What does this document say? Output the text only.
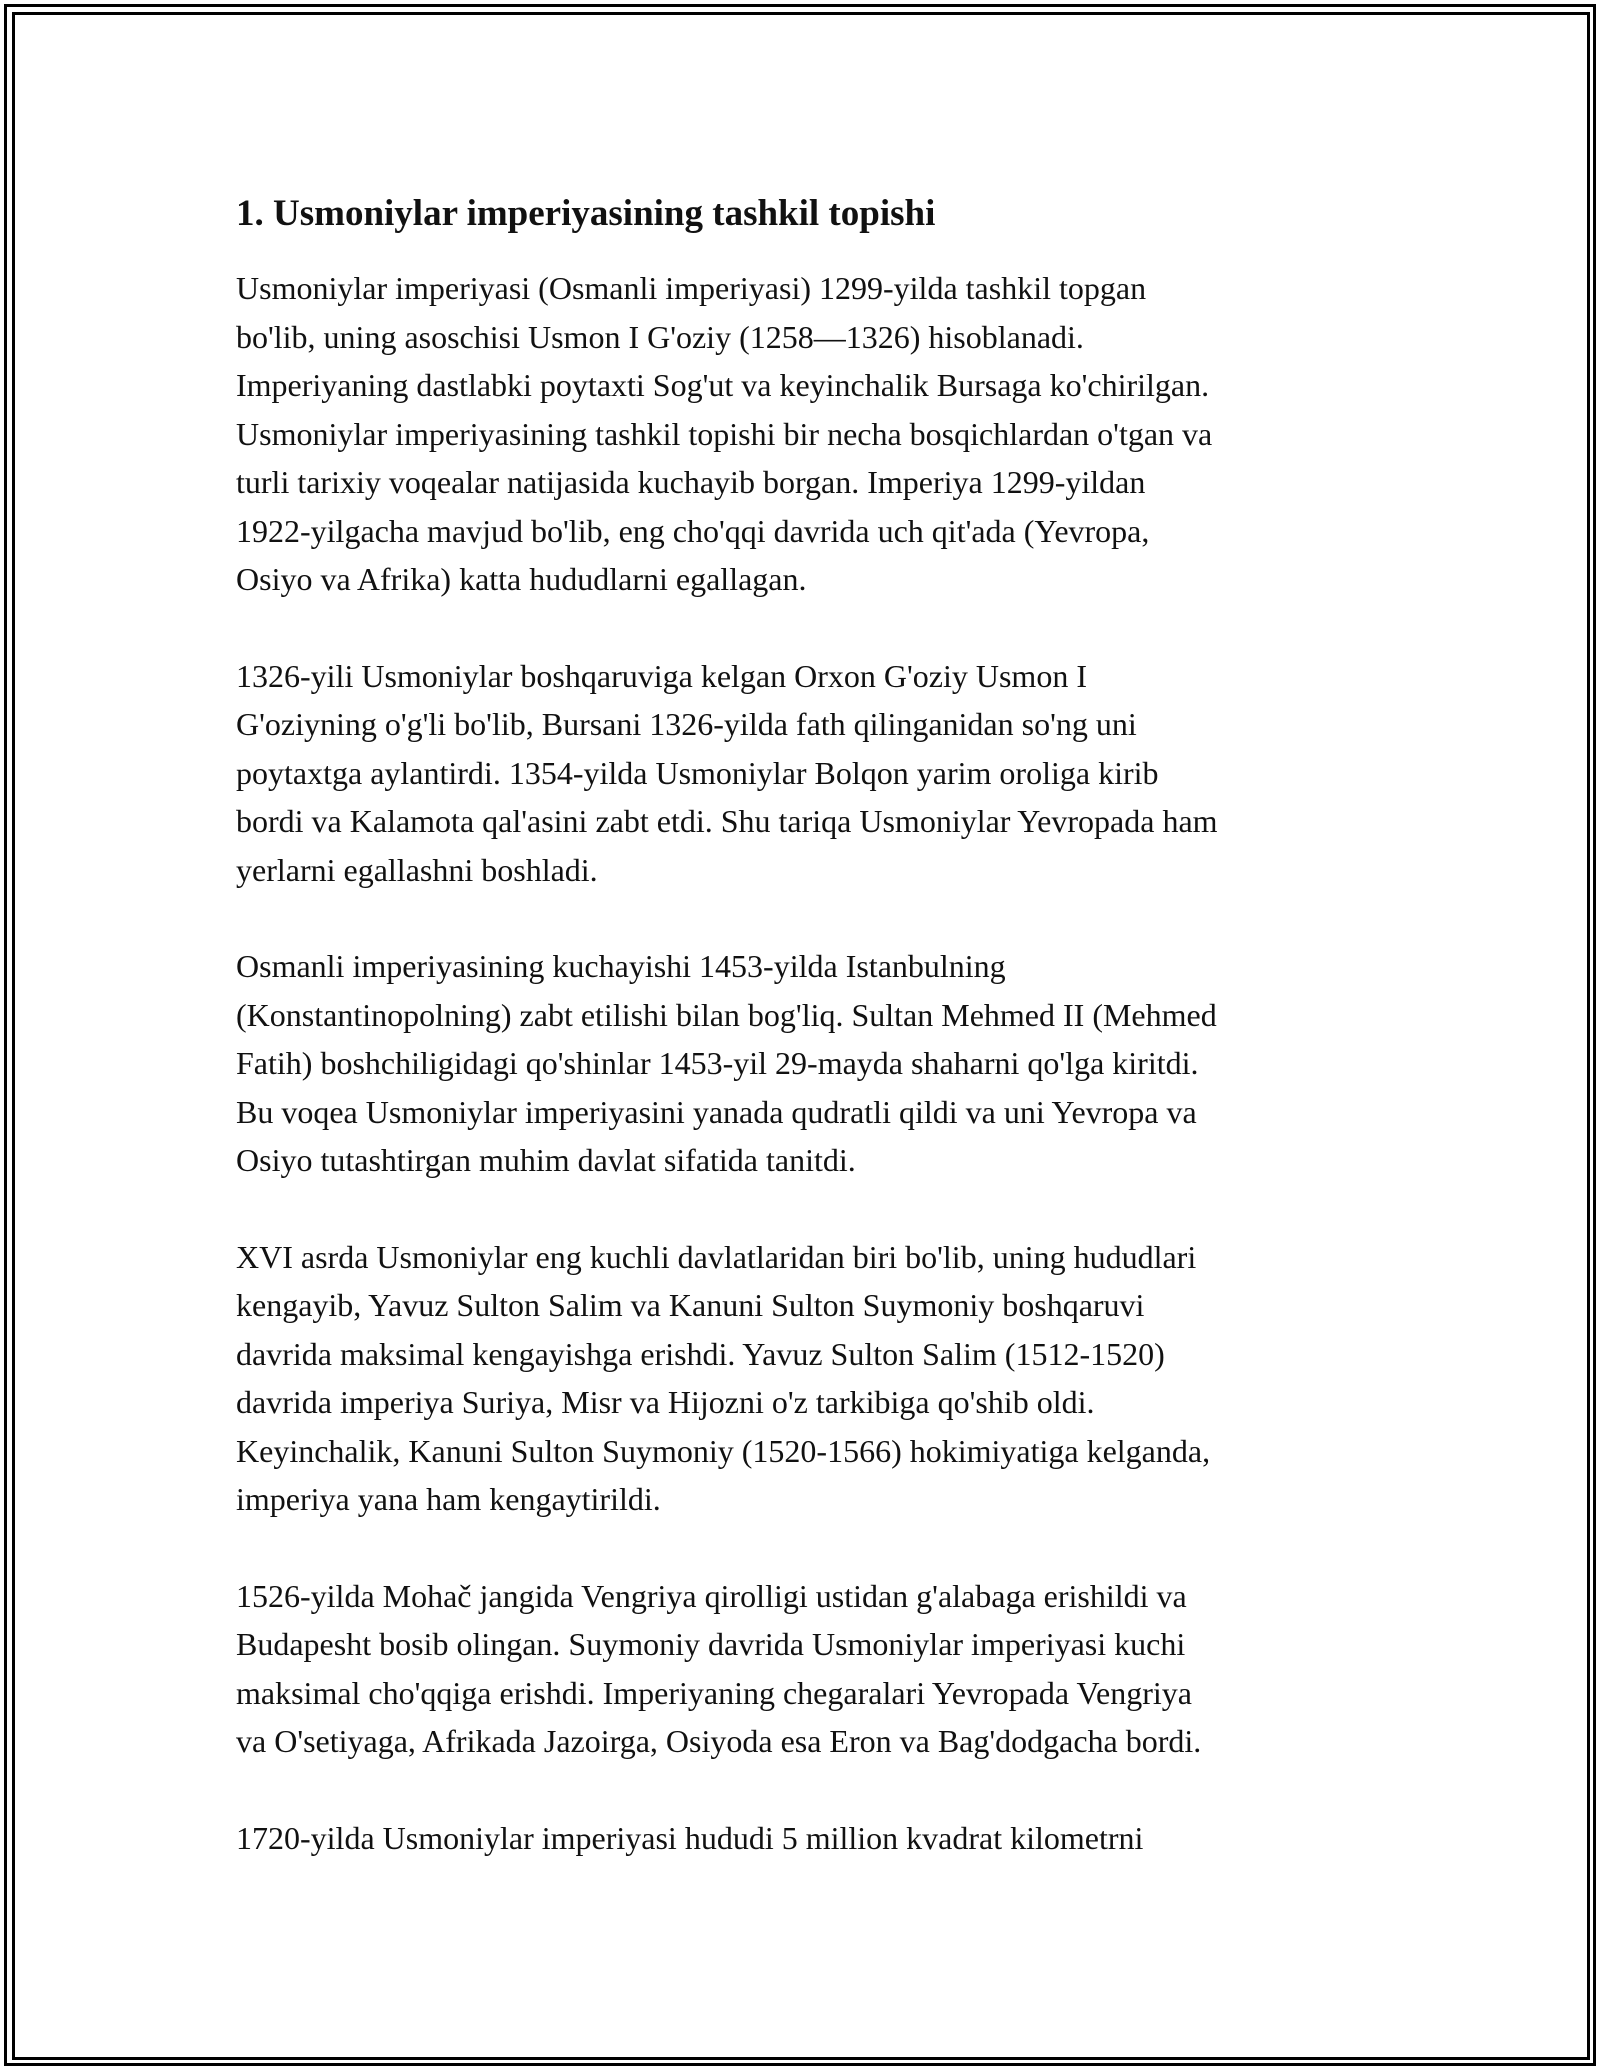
1. Usmoniylar imperiyasining tashkil topishi

Usmoniylar imperiyasi (Osmanli imperiyasi) 1299-yilda tashkil topgan
bo'lib, uning asoschisi Usmon I G'oziy (1258—1326) hisoblanadi.
Imperiyaning dastlabki poytaxti Sog'ut va keyinchalik Bursaga ko'chirilgan.
Usmoniylar imperiyasining tashkil topishi bir necha bosqichlardan o'tgan va
turli tarixiy voqealar natijasida kuchayib borgan. Imperiya 1299-yildan
1922-yilgacha mavjud bo'lib, eng cho'qqi davrida uch qit'ada (Yevropa,
Osiyo va Afrika) katta hududlarni egallagan.

1326-yili Usmoniylar boshqaruviga kelgan Orxon G'oziy Usmon I
G'oziyning o'g'li bo'lib, Bursani 1326-yilda fath qilinganidan so'ng uni
poytaxtga aylantirdi. 1354-yilda Usmoniylar Bolqon yarim oroliga kirib
bordi va Kalamota qal'asini zabt etdi. Shu tariqa Usmoniylar Yevropada ham
yerlarni egallashni boshladi.

Osmanli imperiyasining kuchayishi 1453-yilda Istanbulning
(Konstantinopolning) zabt etilishi bilan bog'liq. Sultan Mehmed II (Mehmed
Fatih) boshchiligidagi qo'shinlar 1453-yil 29-mayda shaharni qo'lga kiritdi.
Bu voqea Usmoniylar imperiyasini yanada qudratli qildi va uni Yevropa va
Osiyo tutashtirgan muhim davlat sifatida tanitdi.

XVI asrda Usmoniylar eng kuchli davlatlaridan biri bo'lib, uning hududlari
kengayib, Yavuz Sulton Salim va Kanuni Sulton Suymoniy boshqaruvi
davrida maksimal kengayishga erishdi. Yavuz Sulton Salim (1512-1520)
davrida imperiya Suriya, Misr va Hijozni o'z tarkibiga qo'shib oldi.
Keyinchalik, Kanuni Sulton Suymoniy (1520-1566) hokimiyatiga kelganda,
imperiya yana ham kengaytirildi.

1526-yilda Mohač jangida Vengriya qirolligi ustidan g'alabaga erishildi va
Budapesht bosib olingan. Suymoniy davrida Usmoniylar imperiyasi kuchi
maksimal cho'qqiga erishdi. Imperiyaning chegaralari Yevropada Vengriya
va O'setiyaga, Afrikada Jazoirga, Osiyoda esa Eron va Bag'dodgacha bordi.

1720-yilda Usmoniylar imperiyasi hududi 5 million kvadrat kilometrni
